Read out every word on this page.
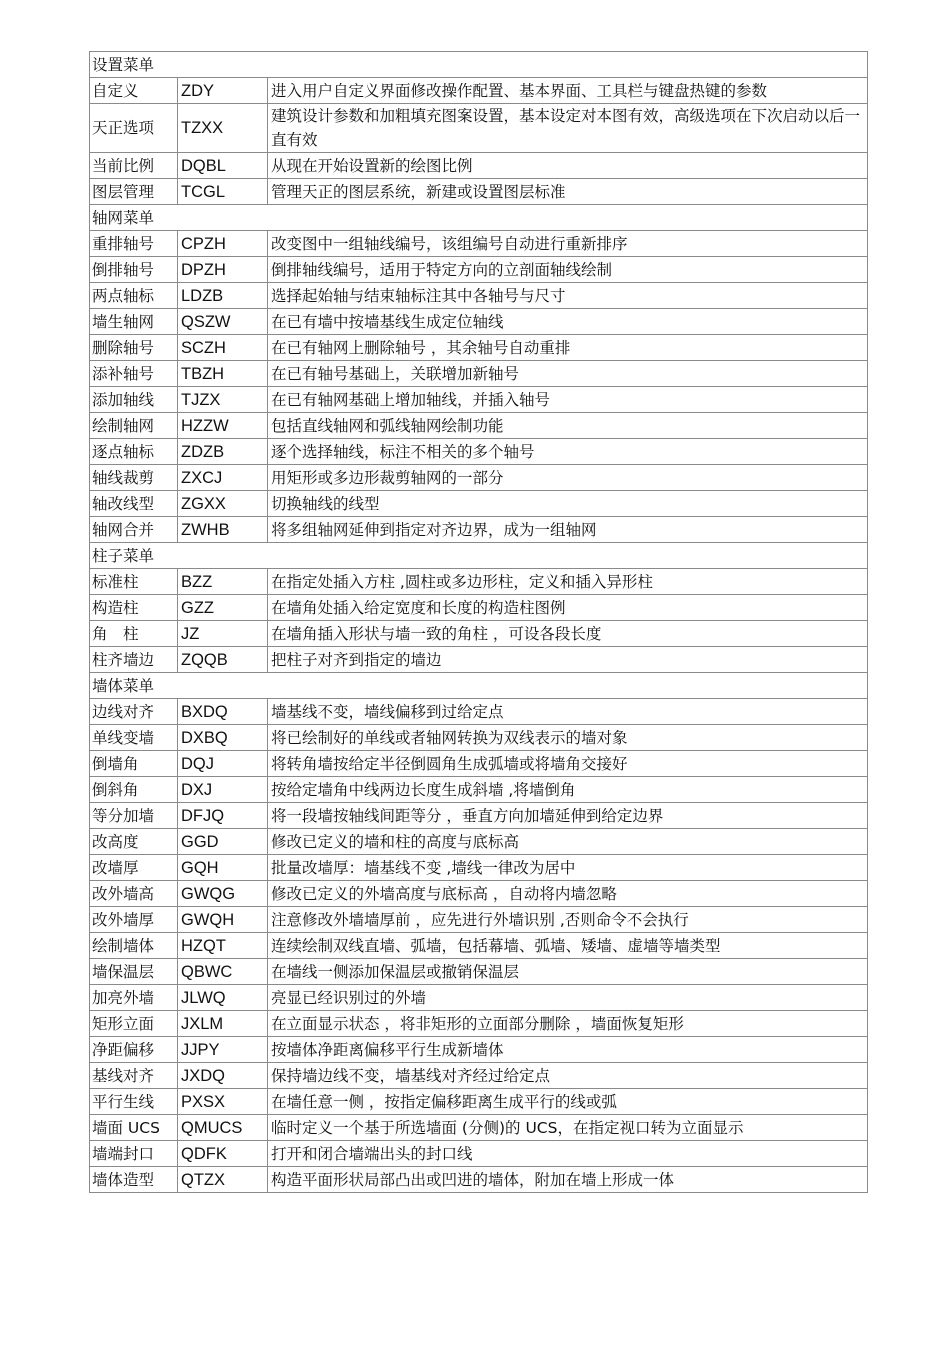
设置菜单		
自定义	ZDY	进入用户自定义界面修改操作配置、基本界面、工具栏与键盘热键的参数
天正选项	TZXX	建筑设计参数和加粗填充图案设置，基本设定对本图有效，高级选项在下次启动以后一直有效
当前比例	DQBL	从现在开始设置新的绘图比例
图层管理	TCGL	管理天正的图层系统，新建或设置图层标准
轴网菜单		
重排轴号	CPZH	改变图中一组轴线编号，该组编号自动进行重新排序
倒排轴号	DPZH	倒排轴线编号，适用于特定方向的立剖面轴线绘制
两点轴标	LDZB	选择起始轴与结束轴标注其中各轴号与尺寸
墙生轴网	QSZW	在已有墙中按墙基线生成定位轴线
删除轴号	SCZH	在已有轴网上删除轴号 ，其余轴号自动重排
添补轴号	TBZH	在已有轴号基础上，关联增加新轴号
添加轴线	TJZX	在已有轴网基础上增加轴线，并插入轴号
绘制轴网	HZZW	包括直线轴网和弧线轴网绘制功能
逐点轴标	ZDZB	逐个选择轴线，标注不相关的多个轴号
轴线裁剪	ZXCJ	用矩形或多边形裁剪轴网的一部分
轴改线型	ZGXX	切换轴线的线型
轴网合并	ZWHB	将多组轴网延伸到指定对齐边界，成为一组轴网
柱子菜单		
标准柱	BZZ	在指定处插入方柱 ,圆柱或多边形柱，定义和插入异形柱
构造柱	GZZ	在墙角处插入给定宽度和长度的构造柱图例
角　柱	JZ	在墙角插入形状与墙一致的角柱 ，可设各段长度
柱齐墙边	ZQQB	把柱子对齐到指定的墙边
墙体菜单		
边线对齐	BXDQ	墙基线不变，墙线偏移到过给定点
单线变墙	DXBQ	将已绘制好的单线或者轴网转换为双线表示的墙对象
倒墙角	DQJ	将转角墙按给定半径倒圆角生成弧墙或将墙角交接好
倒斜角	DXJ	按给定墙角中线两边长度生成斜墙 ,将墙倒角
等分加墙	DFJQ	将一段墙按轴线间距等分 ，垂直方向加墙延伸到给定边界
改高度	GGD	修改已定义的墙和柱的高度与底标高
改墙厚	GQH	批量改墙厚：墙基线不变 ,墙线一律改为居中
改外墙高	GWQG	修改已定义的外墙高度与底标高 ，自动将内墙忽略
改外墙厚	GWQH	注意修改外墙墙厚前 ，应先进行外墙识别 ,否则命令不会执行
绘制墙体	HZQT	连续绘制双线直墙、弧墙，包括幕墙、弧墙、矮墙、虚墙等墙类型
墙保温层	QBWC	在墙线一侧添加保温层或撤销保温层
加亮外墙	JLWQ	亮显已经识别过的外墙
矩形立面	JXLM	在立面显示状态 ，将非矩形的立面部分删除 ，墙面恢复矩形
净距偏移	JJPY	按墙体净距离偏移平行生成新墙体
基线对齐	JXDQ	保持墙边线不变，墙基线对齐经过给定点
平行生线	PXSX	在墙任意一侧 ，按指定偏移距离生成平行的线或弧
墙面 UCS	QMUCS	临时定义一个基于所选墙面 (分侧)的 UCS，在指定视口转为立面显示
墙端封口	QDFK	打开和闭合墙端出头的封口线
墙体造型	QTZX	构造平面形状局部凸出或凹进的墙体，附加在墙上形成一体
